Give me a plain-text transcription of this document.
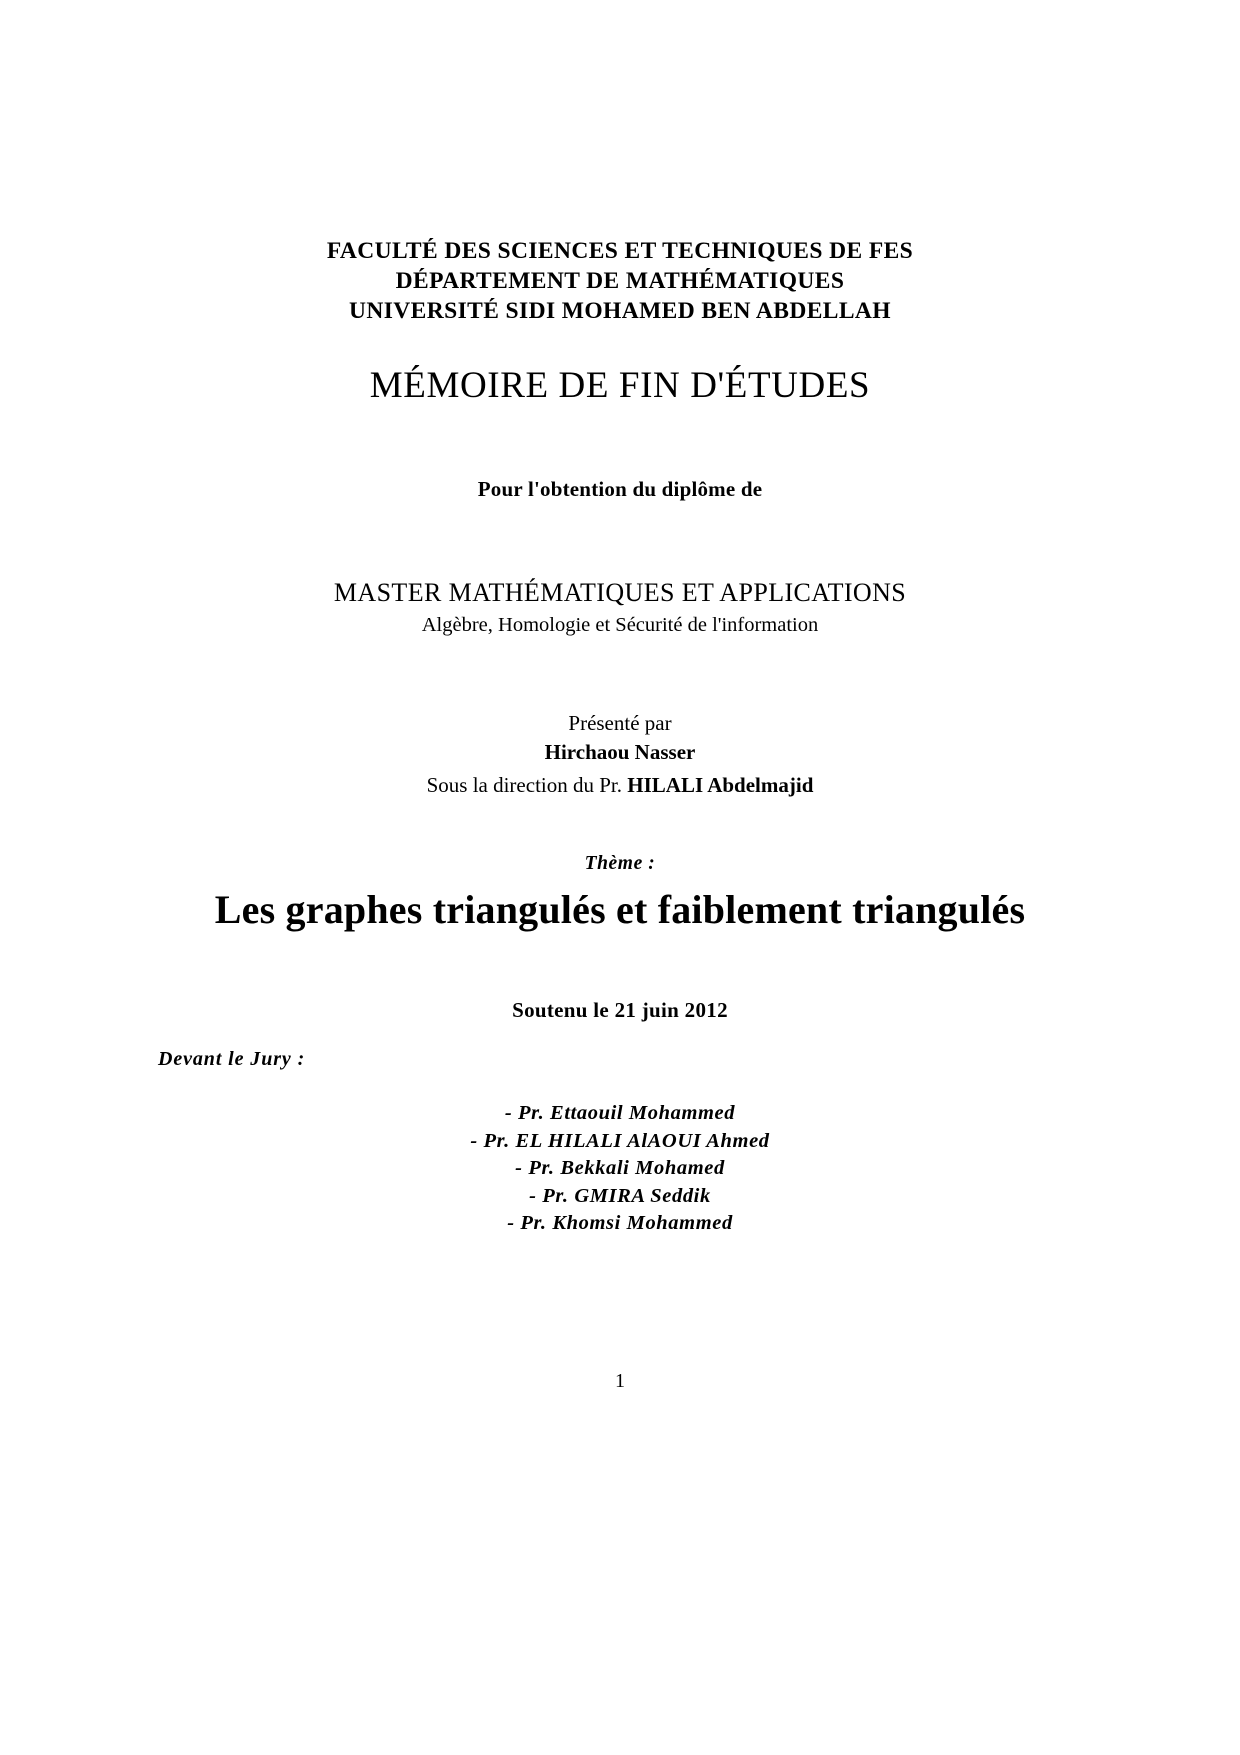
FACULTÉ DES SCIENCES ET TECHNIQUES DE FES
DÉPARTEMENT DE MATHÉMATIQUES
UNIVERSITÉ SIDI MOHAMED BEN ABDELLAH
MÉMOIRE DE FIN D'ÉTUDES
Pour l'obtention du diplôme de
MASTER MATHÉMATIQUES ET APPLICATIONS
Algèbre, Homologie et Sécurité de l'information
Présenté par
Hirchaou Nasser
Sous la direction du Pr. HILALI Abdelmajid
Thème :
Les graphes triangulés et faiblement triangulés
Soutenu le 21 juin 2012
Devant le Jury :
- Pr. Ettaouil Mohammed
- Pr. EL HILALI AlAOUI Ahmed
- Pr. Bekkali Mohamed
- Pr. GMIRA Seddik
- Pr. Khomsi Mohammed
1
